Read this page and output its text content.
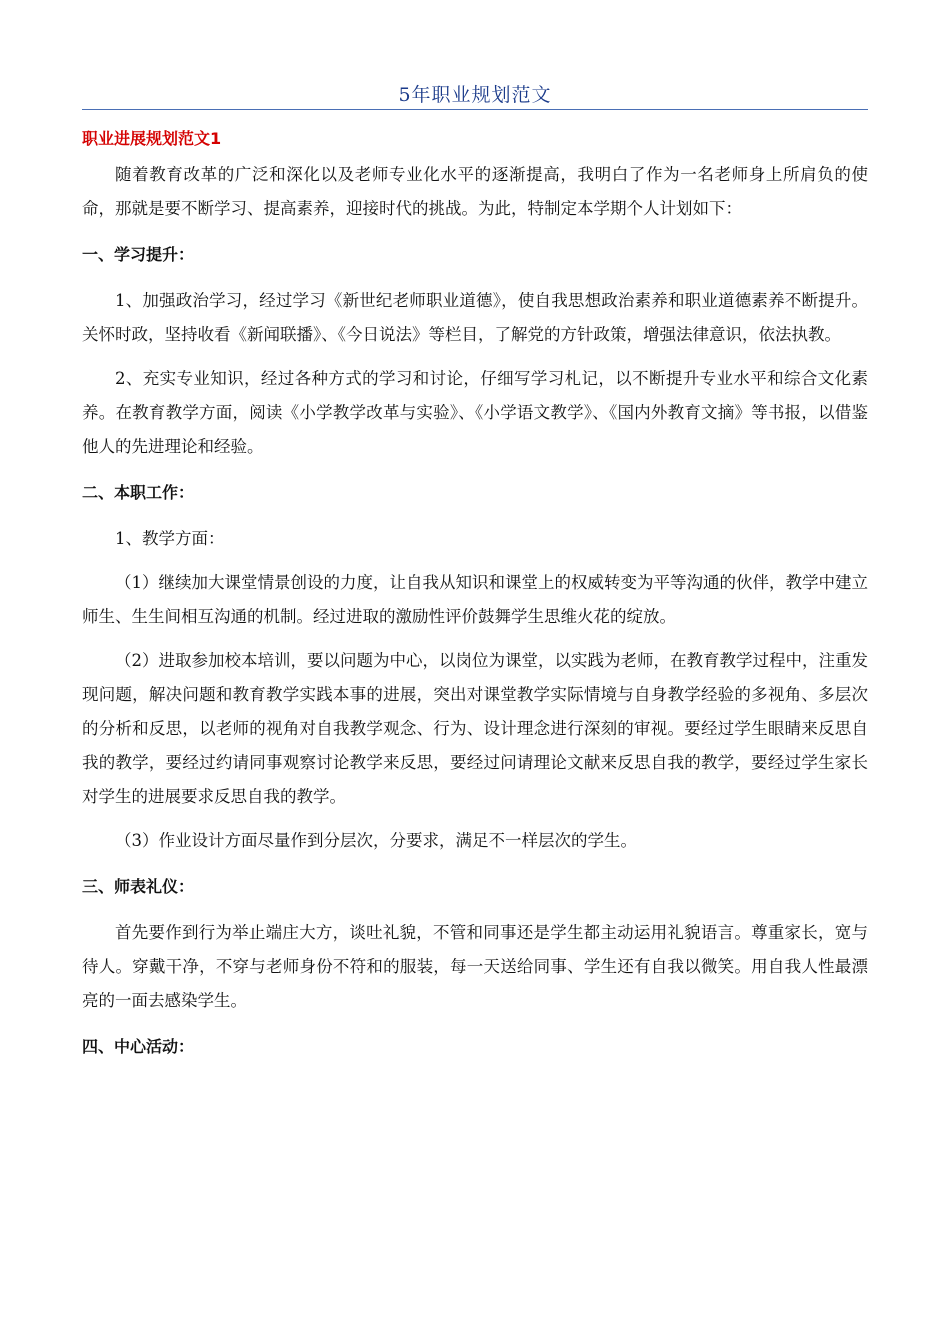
5年职业规划范文
职业进展规划范文1

随着教育改革的广泛和深化以及老师专业化水平的逐渐提高，我明白了作为一名老师身上所肩负的使命，那就是要不断学习、提高素养，迎接时代的挑战。为此，特制定本学期个人计划如下：

一、学习提升：

1、加强政治学习，经过学习《新世纪老师职业道德》，使自我思想政治素养和职业道德素养不断提升。关怀时政，坚持收看《新闻联播》、《今日说法》等栏目，了解党的方针政策，增强法律意识，依法执教。

2、充实专业知识，经过各种方式的学习和讨论，仔细写学习札记，以不断提升专业水平和综合文化素养。在教育教学方面，阅读《小学教学改革与实验》、《小学语文教学》、《国内外教育文摘》等书报，以借鉴他人的先进理论和经验。

二、本职工作：

1、教学方面：

（1）继续加大课堂情景创设的力度，让自我从知识和课堂上的权威转变为平等沟通的伙伴，教学中建立师生、生生间相互沟通的机制。经过进取的激励性评价鼓舞学生思维火花的绽放。

（2）进取参加校本培训，要以问题为中心，以岗位为课堂，以实践为老师，在教育教学过程中，注重发现问题，解决问题和教育教学实践本事的进展，突出对课堂教学实际情境与自身教学经验的多视角、多层次的分析和反思，以老师的视角对自我教学观念、行为、设计理念进行深刻的审视。要经过学生眼睛来反思自我的教学，要经过约请同事观察讨论教学来反思，要经过问请理论文献来反思自我的教学，要经过学生家长对学生的进展要求反思自我的教学。

（3）作业设计方面尽量作到分层次，分要求，满足不一样层次的学生。

三、师表礼仪：

首先要作到行为举止端庄大方，谈吐礼貌，不管和同事还是学生都主动运用礼貌语言。尊重家长，宽与待人。穿戴干净，不穿与老师身份不符和的服装，每一天送给同事、学生还有自我以微笑。用自我人性最漂亮的一面去感染学生。

四、中心活动：
